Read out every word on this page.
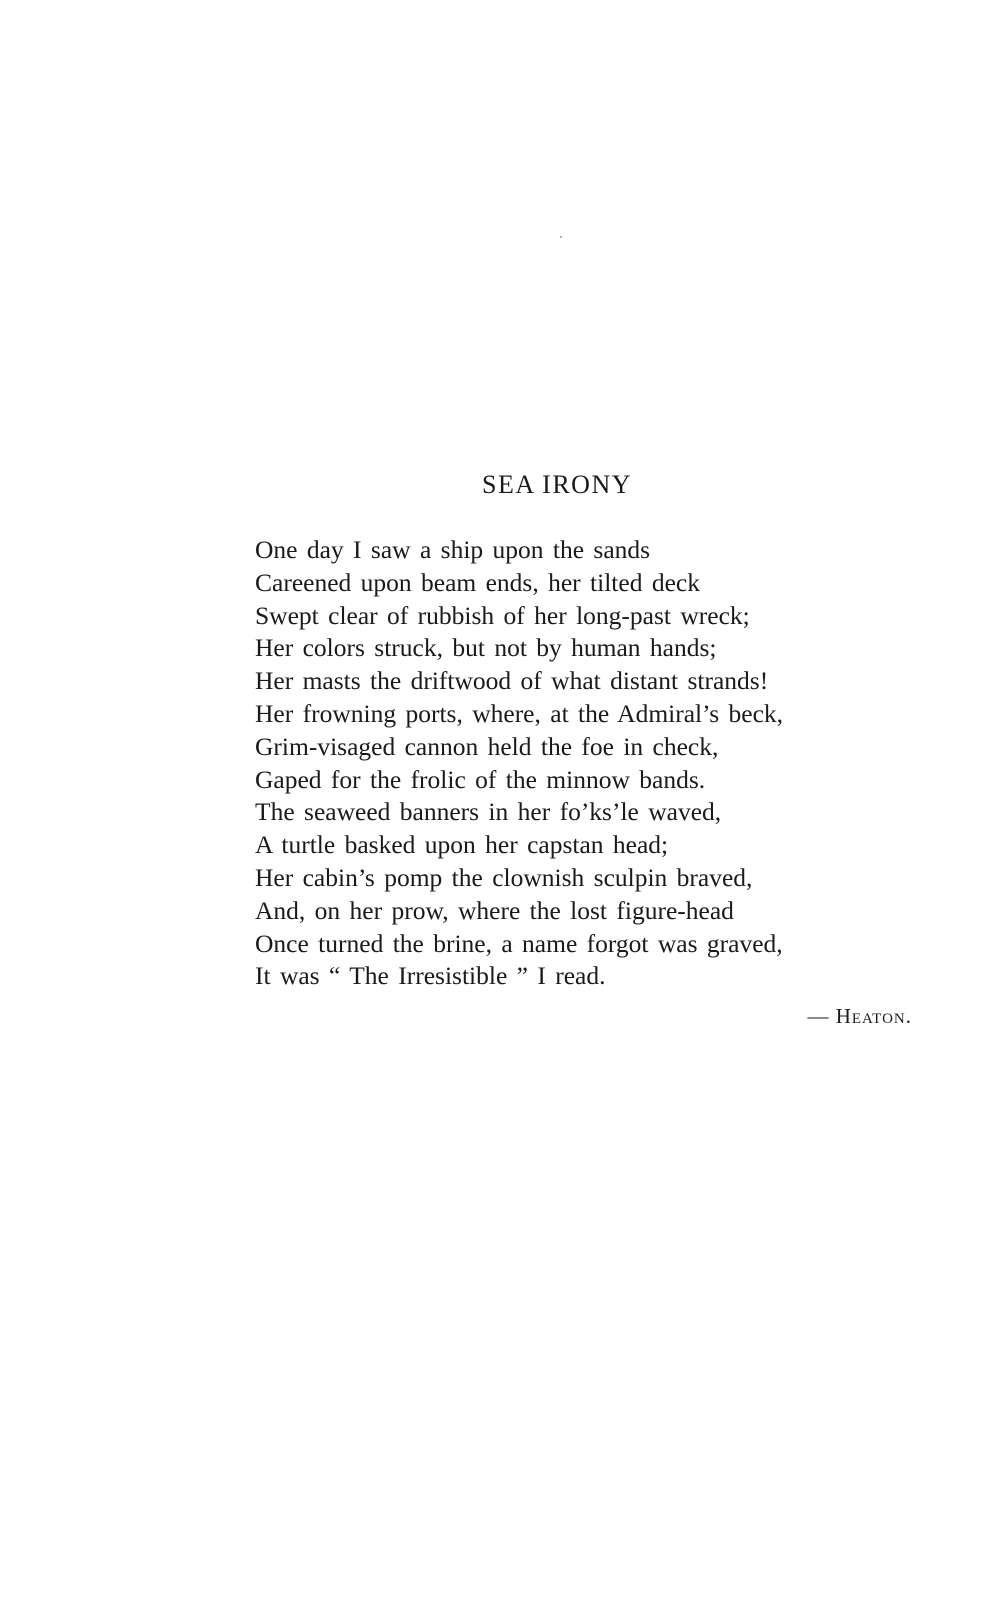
SEA IRONY
One day I saw a ship upon the sands
Careened upon beam ends, her tilted deck
Swept clear of rubbish of her long-past wreck;
Her colors struck, but not by human hands;
Her masts the driftwood of what distant strands!
Her frowning ports, where, at the Admiral’s beck,
Grim-visaged cannon held the foe in check,
Gaped for the frolic of the minnow bands.
The seaweed banners in her fo’ks’le waved,
A turtle basked upon her capstan head;
Her cabin’s pomp the clownish sculpin braved,
And, on her prow, where the lost figure-head
Once turned the brine, a name forgot was graved,
It was “ The Irresistible ” I read.
— Heaton.
